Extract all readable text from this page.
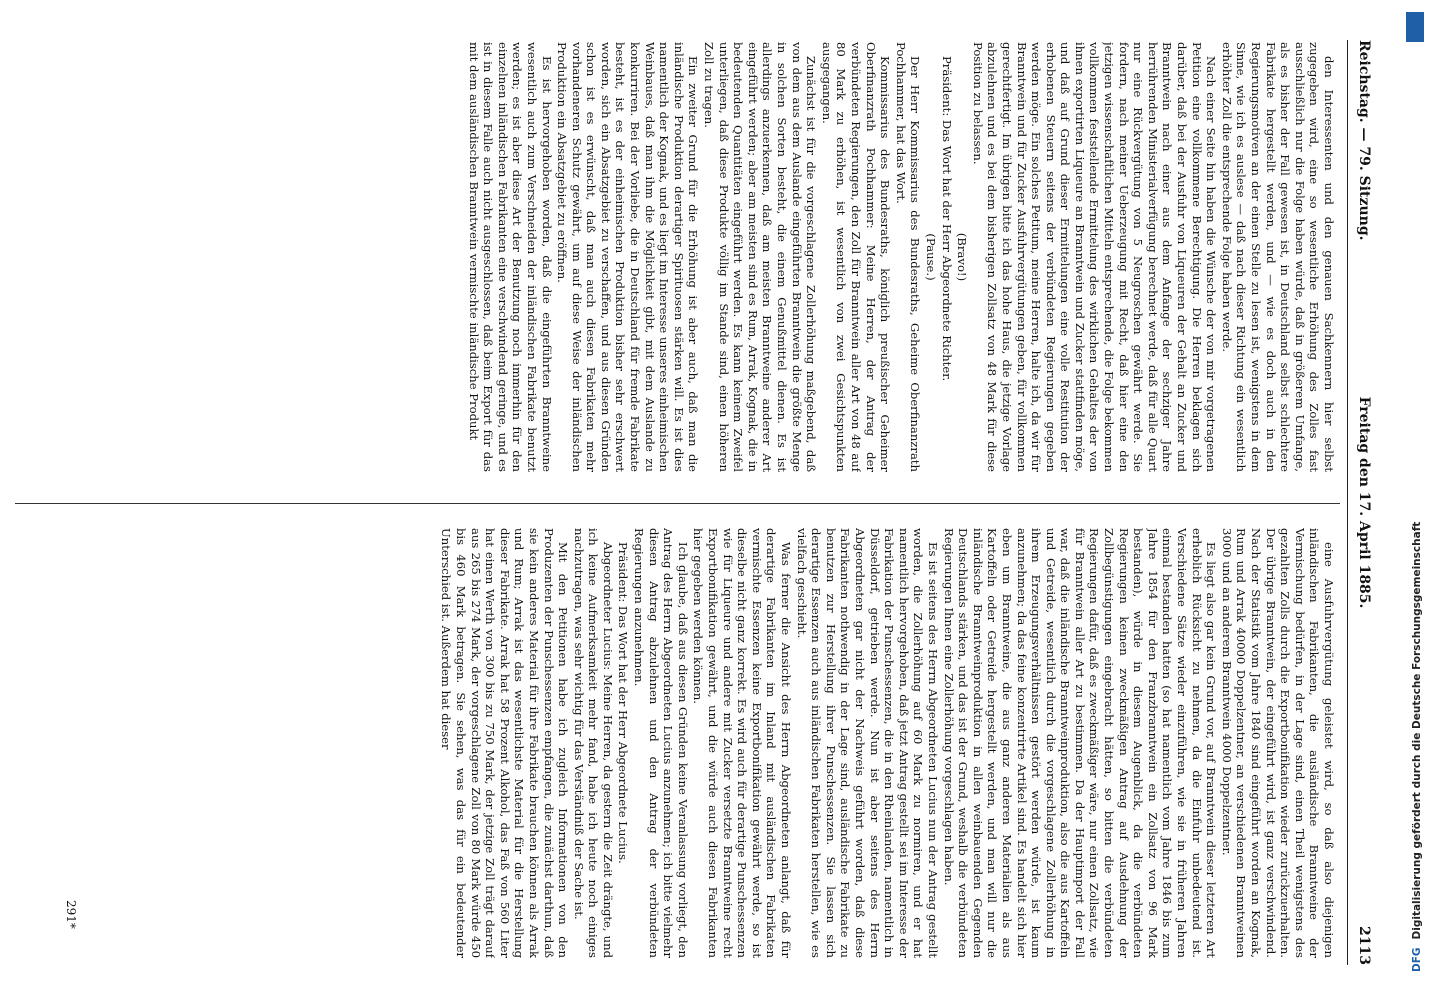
Reichstag. — 79. Sitzung.
Freitag den 17. April 1885.
2113

den Interessenten und den genauen Sachkennern hier selbst zugegeben wird, eine so wesentliche Erhöhung des Zolles fast ausschließlich nur die Folge haben würde, daß in größerem Umfange, als es bisher der Fall gewesen ist, in Deutschland selbst schlechtere Fabrikate hergestellt werden, und — wie es doch auch in den Regierungsmotiven an der einen Stelle zu lesen ist, wenigstens in dem Sinne, wie ich es auslese — daß nach dieser Richtung ein wesentlich erhöhter Zoll die entsprechende Folge haben werde.

Nach einer Seite hin haben die Wünsche der von mir vorgetragenen Petition eine vollkommene Berechtigung. Die Herren beklagen sich darüber, daß bei der Ausfuhr von Liqueuren der Gehalt an Zucker und Branntwein nach einer aus dem Anfange der sechziger Jahre herrührenden Ministerialverfügung berechnet werde, daß für alle Quart nur eine Rückvergütung von 5 Neugroschen gewährt werde. Sie fordern, nach meiner Ueberzeugung mit Recht, daß hier eine den jetzigen wissenschaftlichen Mitteln entsprechende, die Folge bekommen vollkommen feststellende Ermittelung des wirklichen Gehaltes der von ihnen exportirten Liqueure an Branntwein und Zucker stattfinden möge, und daß auf Grund dieser Ermittelungen eine volle Restitution der erhobenen Steuern seitens der verbündeten Regierungen gegeben werden möge. Ein solches Petitum, meine Herren, halte ich, da wir für Branntwein und für Zucker Ausfuhrvergütungen geben, für vollkommen gerechtfertigt. Im übrigen bitte ich das hohe Haus, die jetzige Vorlage abzulehnen und es bei dem bisherigen Zollsatz von 48 Mark für diese Position zu belassen.

(Bravo!)

Präsident: Das Wort hat der Herr Abgeordnete Richter.

(Pause.)

Der Herr Kommissarius des Bundesraths, Geheime Oberfinanzrath Pochhammer, hat das Wort.

Kommissarius des Bundesraths, königlich preußischer Geheimer Oberfinanzrath Pochhammer: Meine Herren, der Antrag der verbündeten Regierungen, den Zoll für Branntwein aller Art von 48 auf 80 Mark zu erhöhen, ist wesentlich von zwei Gesichtspunkten ausgegangen.

Zunächst ist für die vorgeschlagene Zollerhöhung maßgebend, daß von dem aus dem Auslande eingeführten Branntwein die größte Menge in solchen Sorten besteht, die einem Genußmittel dienen. Es ist allerdings anzuerkennen, daß am meisten Branntweine anderer Art eingeführt werden; aber am meisten sind es Rum, Arrak, Kognak, die in bedeutenden Quantitäten eingeführt werden. Es kann keinem Zweifel unterliegen, daß diese Produkte völlig im Stande sind, einen höheren Zoll zu tragen.

Ein zweiter Grund für die Erhöhung ist aber auch, daß man die inländische Produktion derartiger Spirituosen stärken will. Es ist dies namentlich der Kognak, und es liegt im Interesse unseres einheimischen Weinbaues, daß man ihm die Möglichkeit gibt, mit dem Auslande zu konkurriren. Bei der Vorliebe, die in Deutschland für fremde Fabrikate besteht, ist es der einheimischen Produktion bisher sehr erschwert worden, sich ein Absatzgebiet zu verschaffen, und aus diesen Gründen schon ist es erwünscht, daß man auch diesen Fabrikaten mehr vorhandeneren Schutz gewährt, um auf diese Weise der inländischen Produktion ein Absatzgebiet zu eröffnen.

Es ist hervorgehoben worden, daß die eingeführten Branntweine wesentlich auch zum Verschneiden der inländischen Fabrikate benutzt werden; es ist aber diese Art der Benutzung noch immerhin für den einzelnen inländischen Fabrikanten eine verschwindend geringe, und es ist in diesem Falle auch nicht ausgeschlossen, daß beim Export für das mit dem ausländischen Branntwein vermischte inländische Produkt

eine Ausfuhrvergütung geleistet wird, so daß also diejenigen inländischen Fabrikanten, die ausländische Branntweine der Vermischung bedürfen, in der Lage sind, einen Theil wenigstens des gezahlten Zolls durch die Exportbonifikation wieder zurückzuerhalten. Der übrige Branntwein, der eingeführt wird, ist ganz verschwindend. Nach der Statistik vom Jahre 1840 sind eingeführt worden an Kognak, Rum und Arrak 40000 Doppelzentner, an verschiedenen Branntweinen 3000 und an anderem Branntwein 4000 Doppelzentner.

Es liegt also gar kein Grund vor, auf Branntwein dieser letzteren Art erheblich Rücksicht zu nehmen, da die Einfuhr unbedeutend ist. Verschiedene Sätze wieder einzuführen, wie sie in früheren Jahren einmal bestanden hatten (so hat namentlich vom Jahre 1846 bis zum Jahre 1854 für den Franzbranntwein ein Zollsatz von 96 Mark bestanden), würde in diesem Augenblick, da die verbündeten Regierungen keinen zweckmäßigen Antrag auf Ausdehnung der Zollbegünstigungen eingebracht hätten, so bitten die verbündeten Regierungen dafür, daß es zweckmäßiger wäre, nur einen Zollsatz, wie für Branntwein aller Art zu bestimmen. Da der Hauptimport der Fall war, daß die inländische Branntweinproduktion, also die aus Kartoffeln und Getreide, wesentlich durch die vorgeschlagene Zollerhöhung in ihrem Erzeugungsverhältnissen gestört werden würde, ist kaum anzunehmen; da das feine konzentrirte Artikel sind. Es handelt sich hier eben um Branntweine, die aus ganz anderen Materialien als aus Kartoffeln oder Getreide hergestellt werden, und man will nur die inländische Branntweinproduktion in allen weinbauenden Gegenden Deutschlands stärken, und das ist der Grund, weshalb die verbündeten Regierungen Ihnen eine Zollerhöhung vorgeschlagen haben.

Es ist seitens des Herrn Abgeordneten Lucius nun der Antrag gestellt worden, die Zollerhöhung auf 60 Mark zu normiren, und er hat namentlich hervorgehoben, daß jetzt Antrag gestellt sei im Interesse der Fabrikation der Punschessenzen, die in den Rheinlanden, namentlich in Düsseldorf, getrieben werde. Nun ist aber seitens des Herrn Abgeordneten gar nicht der Nachweis geführt worden, daß diese Fabrikanten nothwendig in der Lage sind, ausländische Fabrikate zu benutzen zur Herstellung ihrer Punschessenzen. Sie lassen sich derartige Essenzen auch aus inländischen Fabrikaten herstellen, wie es vielfach geschieht.

Was ferner die Ansicht des Herrn Abgeordneten anlangt, daß für derartige Fabrikanten im Inland mit ausländischen Fabrikaten vermischte Essenzen keine Exportbonifikation gewährt werde, so ist dieselbe nicht ganz korrekt. Es wird auch für derartige Punschessenzen wie für Liqueure und andere mit Zucker versetzte Branntweine recht Exportbonifikation gewährt, und die würde auch diesen Fabrikanten hier gegeben werden können.

Ich glaube, daß aus diesen Gründen keine Veranlassung vorliegt, den Antrag des Herrn Abgeordneten Lucius anzunehmen; ich bitte vielmehr diesen Antrag abzulehnen und den Antrag der verbündeten Regierungen anzunehmen.

Präsident: Das Wort hat der Herr Abgeordnete Lucius.

Abgeordneter Lucius: Meine Herren, da gestern die Zeit drängte, und ich keine Aufmerksamkeit mehr fand, habe ich heute noch einiges nachzutragen, was sehr wichtig für das Verständniß der Sache ist.

Mit den Petitionen habe ich zugleich Informationen von den Produzenten der Punschessenzen empfangen, die zunächst darthun, daß sie kein anderes Material für ihre Fabrikate brauchen können als Arrak und Rum; Arrak ist das wesentlichste Material für die Herstellung dieser Fabrikate. Arrak hat 58 Prozent Alkohol, das Faß von 560 Liter hat einen Werth von 300 bis zu 750 Mark, der jetzige Zoll trägt darauf aus 265 bis 274 Mark, der vorgeschlagene Zoll von 80 Mark würde 450 bis 460 Mark betragen. Sie sehen, was das für ein bedeutender Unterschied ist. Außerdem hat dieser

291*
DFGDigitalisierung gefördert durch die Deutsche Forschungsgemeinschaft
